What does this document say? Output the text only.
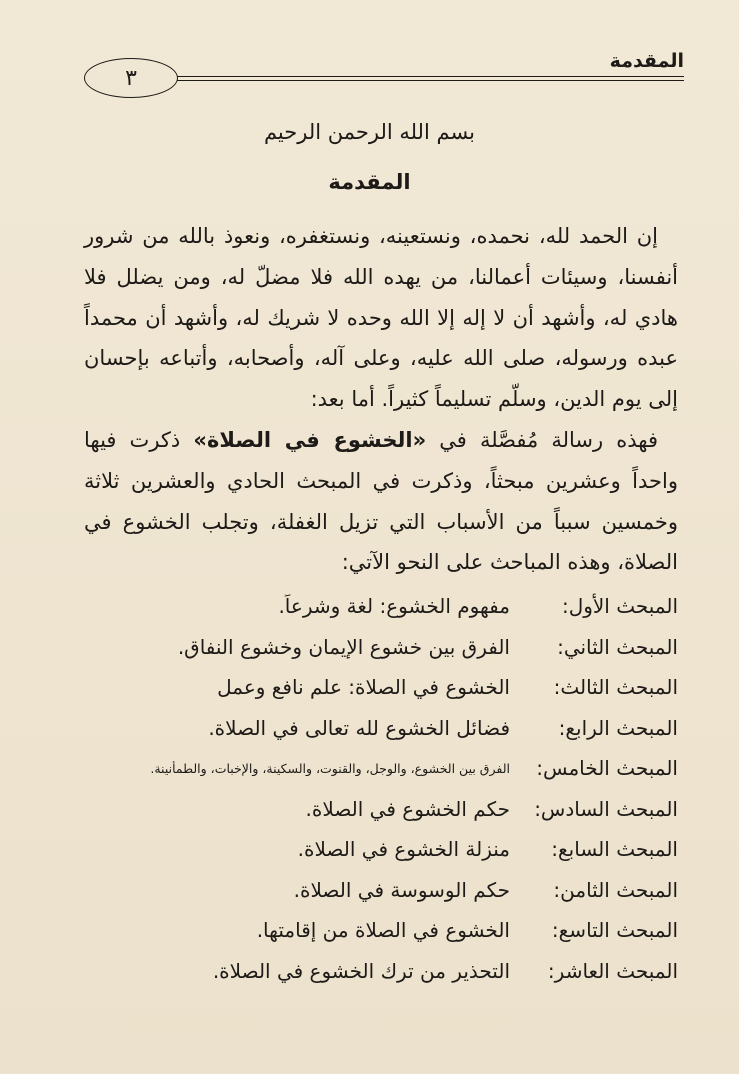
٣
المقدمة
بسم الله الرحمن الرحيم
المقدمة

إن الحمد لله، نحمده، ونستعينه، ونستغفره، ونعوذ بالله من شرور أنفسنا، وسيئات أعمالنا، من يهده الله فلا مضلّ له، ومن يضلل فلا هادي له، وأشهد أن لا إله إلا الله وحده لا شريك له، وأشهد أن محمداً عبده ورسوله، صلى الله عليه، وعلى آله، وأصحابه، وأتباعه بإحسان إلى يوم الدين، وسلّم تسليماً كثيراً. أما بعد:

فهذه رسالة مُفصَّلة في «الخشوع في الصلاة» ذكرت فيها واحداً وعشرين مبحثاً، وذكرت في المبحث الحادي والعشرين ثلاثة وخمسين سبباً من الأسباب التي تزيل الغفلة، وتجلب الخشوع في الصلاة، وهذه المباحث على النحو الآتي:

المبحث الأول:
مفهوم الخشوع: لغة وشرعاً.
المبحث الثاني:
الفرق بين خشوع الإيمان وخشوع النفاق.
المبحث الثالث:
الخشوع في الصلاة: علم نافع وعمل
المبحث الرابع:
فضائل الخشوع لله تعالى في الصلاة.
المبحث الخامس:
الفرق بين الخشوع، والوجل، والقنوت، والسكينة، والإخبات، والطمأنينة.
المبحث السادس:
حكم الخشوع في الصلاة.
المبحث السابع:
منزلة الخشوع في الصلاة.
المبحث الثامن:
حكم الوسوسة في الصلاة.
المبحث التاسع:
الخشوع في الصلاة من إقامتها.
المبحث العاشر:
التحذير من ترك الخشوع في الصلاة.
